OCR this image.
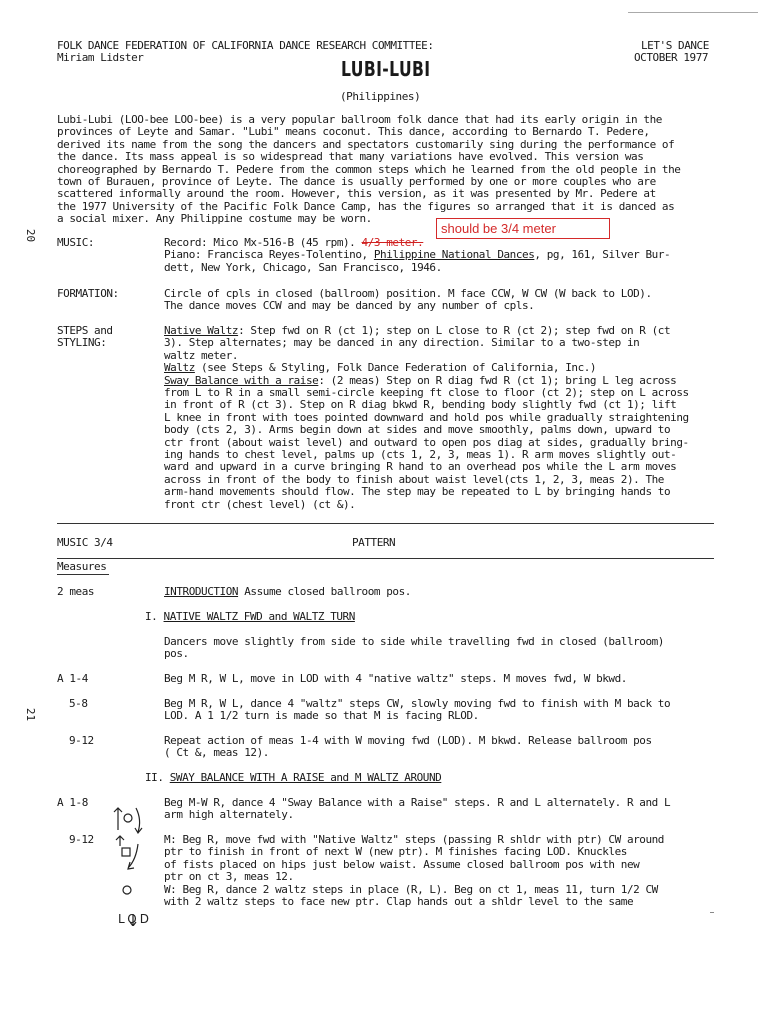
FOLK DANCE FEDERATION OF CALIFORNIA DANCE RESEARCH COMMITTEE:
Miriam Lidster	LUBI-LUBI
(Philippines)
LET'S DANCE
OCTOBER 1977
Lubi-Lubi (LOO-bee LOO-bee) is a very popular ballroom folk dance that had its early origin in the
provinces of Leyte and Samar. "Lubi" means coconut. This dance, according to Bernardo T. Pedere,
derived its name from the song the dancers and spectators customarily sing during the performance of
the dance. Its mass appeal is so widespread that many variations have evolved. This version was
choreographed by Bernardo T. Pedere from the common steps which he learned from the old people in the
town of Burauen, province of Leyte. The dance is usually performed by one or more couples who are
scattered informally around the room. However, this version, as it was presented by Mr. Pedere at
the 1977 University of the Pacific Folk Dance Camp, has the figures so arranged that it is danced as
a social mixer. Any Philippine costume may be worn.
should be 3/4 meter
20
21
MUSIC:	Record: Mico Mx-516-B (45 rpm). 4/3 meter.
Piano: Francisca Reyes-Tolentino, Philippine National Dances, pg, 161, Silver Bur-
dett, New York, Chicago, San Francisco, 1946.
FORMATION:	Circle of cpls in closed (ballroom) position. M face CCW, W CW (W back to LOD).
The dance moves CCW and may be danced by any number of cpls.
STEPS and
STYLING:
Native Waltz: Step fwd on R (ct 1); step on L close to R (ct 2); step fwd on R (ct
3). Step alternates; may be danced in any direction. Similar to a two-step in
waltz meter.
Waltz (see Steps & Styling, Folk Dance Federation of California, Inc.)
Sway Balance with a raise: (2 meas) Step on R diag fwd R (ct 1); bring L leg across
from L to R in a small semi-circle keeping ft close to floor (ct 2); step on L across
in front of R (ct 3). Step on R diag bkwd R, bending body slightly fwd (ct 1); lift
L knee in front with toes pointed downward and hold pos while gradually straightening
body (cts 2, 3). Arms begin down at sides and move smoothly, palms down, upward to
ctr front (about waist level) and outward to open pos diag at sides, gradually bring-
ing hands to chest level, palms up (cts 1, 2, 3, meas 1). R arm moves slightly out-
ward and upward in a curve bringing R hand to an overhead pos while the L arm moves
across in front of the body to finish about waist level(cts 1, 2, 3, meas 2). The
arm-hand movements should flow. The step may be repeated to L by bringing hands to
front ctr (chest level) (ct &).
MUSIC 3/4	PATTERN
Measures
2 meas	INTRODUCTION Assume closed ballroom pos.
I. NATIVE WALTZ FWD and WALTZ TURN
Dancers move slightly from side to side while travelling fwd in closed (ballroom)
pos.
A 1-4	Beg M R, W L, move in LOD with 4 "native waltz" steps. M moves fwd, W bkwd.
5-8	Beg M R, W L, dance 4 "waltz" steps CW, slowly moving fwd to finish with M back to
LOD. A 1 1/2 turn is made so that M is facing RLOD.
9-12	Repeat action of meas 1-4 with W moving fwd (LOD). M bkwd. Release ballroom pos
( Ct &, meas 12).
II. SWAY BALANCE WITH A RAISE and M WALTZ AROUND
A 1-8	Beg M-W R, dance 4 "Sway Balance with a Raise" steps. R and L alternately. R and L
arm high alternately.
9-12	M: Beg R, move fwd with "Native Waltz" steps (passing R shldr with ptr) CW around
ptr to finish in front of next W (new ptr). M finishes facing LOD. Knuckles
of fists placed on hips just below waist. Assume closed ballroom pos with new
ptr on ct 3, meas 12.
W: Beg R, dance 2 waltz steps in place (R, L). Beg on ct 1, meas 11, turn 1/2 CW
with 2 waltz steps to face new ptr. Clap hands out a shldr level to the same
LOD
